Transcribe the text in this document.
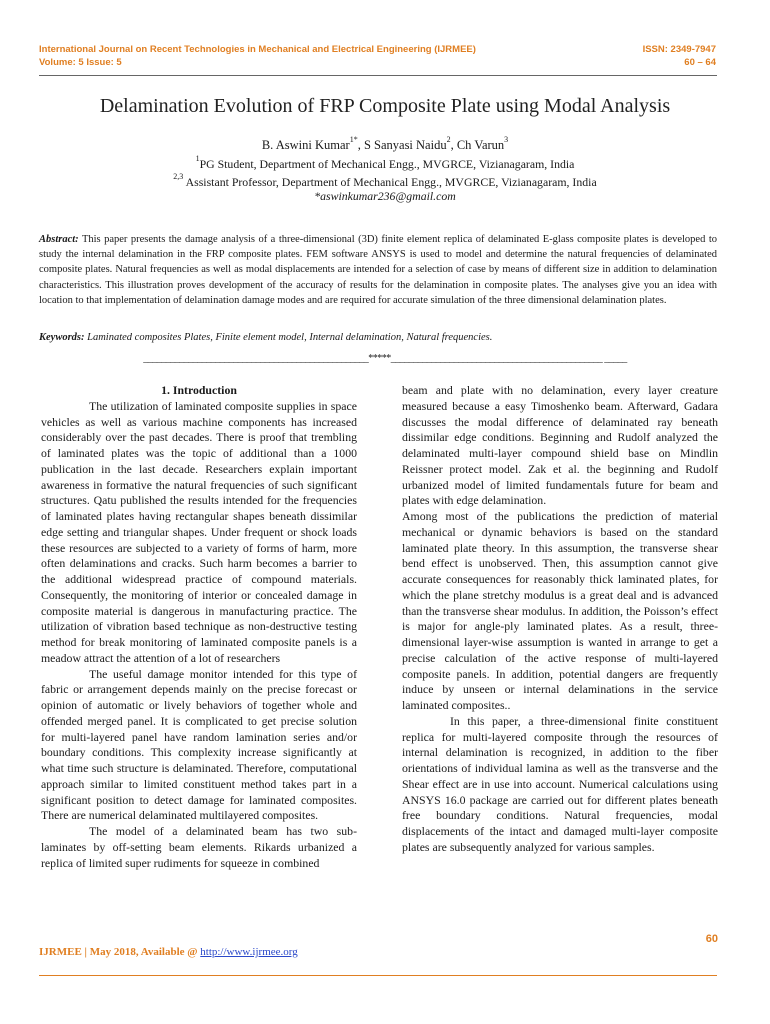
International Journal on Recent Technologies in Mechanical and Electrical Engineering (IJRMEE)
Volume: 5 Issue: 5
ISSN: 2349-7947
60 – 64
Delamination Evolution of FRP Composite Plate using Modal Analysis
B. Aswini Kumar$^{1*}$, S Sanyasi Naidu$^2$, Ch Varun$^3$
$^1$PG Student, Department of Mechanical Engg., MVGRCE, Vizianagaram, India
$^{2,3}$ Assistant Professor, Department of Mechanical Engg., MVGRCE, Vizianagaram, India
*aswinkumar236@gmail.com
Abstract: This paper presents the damage analysis of a three-dimensional (3D) finite element replica of delaminated E-glass composite plates is developed to study the internal delamination in the FRP composite plates. FEM software ANSYS is used to model and determine the natural frequencies of delaminated composite plates. Natural frequencies as well as modal displacements are intended for a selection of case by means of different size in addition to delamination characteristics. This illustration proves development of the accuracy of results for the delamination in composite plates. The analyses give you an idea with location to that implementation of delamination damage modes and are required for accurate simulation of the three dimensional delamination plates.
Keywords: Laminated composites Plates, Finite element model, Internal delamination, Natural frequencies.
__________________________________________________*****_______________________________________________ _____

1. Introduction

The utilization of laminated composite supplies in space vehicles as well as various machine components has increased considerably over the past decades. There is proof that trembling of laminated plates was the topic of additional than a 1000 publication in the last decade. Researchers explain important awareness in formative the natural frequencies of such significant structures. Qatu published the results intended for the frequencies of laminated plates having rectangular shapes beneath dissimilar edge setting and triangular shapes. Under frequent or shock loads these resources are subjected to a variety of forms of harm, more often delaminations and cracks. Such harm becomes a barrier to the additional widespread practice of compound materials. Consequently, the monitoring of interior or concealed damage in composite material is dangerous in manufacturing practice. The utilization of vibration based technique as non-destructive testing method for break monitoring of laminated composite panels is a meadow attract the attention of a lot of researchers

The useful damage monitor intended for this type of fabric or arrangement depends mainly on the precise forecast or opinion of automatic or lively behaviors of together whole and offended merged panel. It is complicated to get precise solution for multi-layered panel have random lamination series and/or boundary conditions. This complexity increase significantly at what time such structure is delaminated. Therefore, computational approach similar to limited constituent method takes part in a significant position to detect damage for laminated composites. There are numerical delaminated multilayered composites.

The model of a delaminated beam has two sub-laminates by off-setting beam elements. Rikards urbanized a replica of limited super rudiments for squeeze in combined

beam and plate with no delamination, every layer creature measured because a easy Timoshenko beam. Afterward, Gadara discusses the modal difference of delaminated ray beneath dissimilar edge conditions. Beginning and Rudolf analyzed the delaminated multi-layer compound shield base on Mindlin Reissner protect model. Zak et al. the beginning and Rudolf urbanized model of limited fundamentals future for beam and plates with edge delamination.

Among most of the publications the prediction of material mechanical or dynamic behaviors is based on the standard laminated plate theory. In this assumption, the transverse shear bend effect is unobserved. Then, this assumption cannot give accurate consequences for reasonably thick laminated plates, for which the plane stretchy modulus is a great deal and is advanced than the transverse shear modulus. In addition, the Poisson’s effect is major for angle-ply laminated plates. As a result, three-dimensional layer-wise assumption is wanted in arrange to get a precise calculation of the active response of multi-layered composite panels. In addition, potential dangers are frequently induce by unseen or internal delaminations in the service laminated composites..

In this paper, a three-dimensional finite constituent replica for multi-layered composite through the resources of internal delamination is recognized, in addition to the fiber orientations of individual lamina as well as the transverse and the Shear effect are in use into account. Numerical calculations using ANSYS 16.0 package are carried out for different plates beneath free boundary conditions. Natural frequencies, modal displacements of the intact and damaged multi-layer composite plates are subsequently analyzed for various samples.

60
IJRMEE | May 2018, Available @ http://www.ijrmee.org
